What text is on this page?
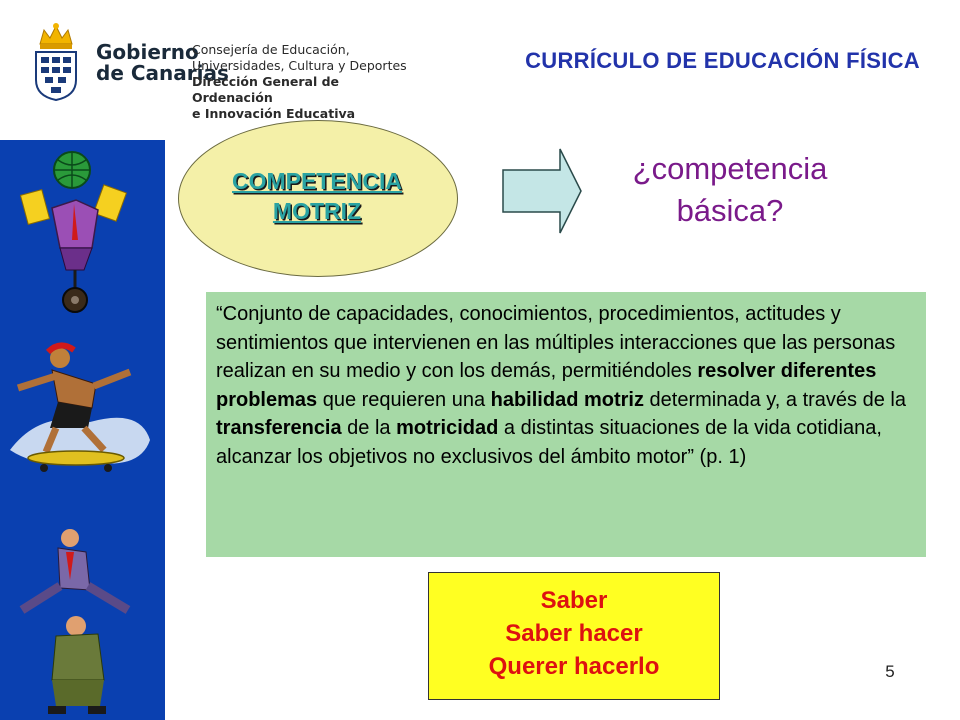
Gobierno
de Canarias
Consejería de Educación,
Universidades, Cultura y Deportes
Dirección General de Ordenación
e Innovación Educativa
CURRÍCULO DE EDUCACIÓN FÍSICA
COMPETENCIA
MOTRIZ
¿competencia
básica?
“Conjunto de capacidades, conocimientos, procedimientos, actitudes y sentimientos que intervienen en las múltiples interacciones que las personas realizan en su medio y con los demás, permitiéndoles resolver diferentes problemas que requieren una habilidad motriz determinada y, a través de la transferencia de la motricidad a distintas situaciones de la vida cotidiana, alcanzar los objetivos no exclusivos del ámbito motor” (p. 1)
Saber
Saber hacer
Querer hacerlo	5
